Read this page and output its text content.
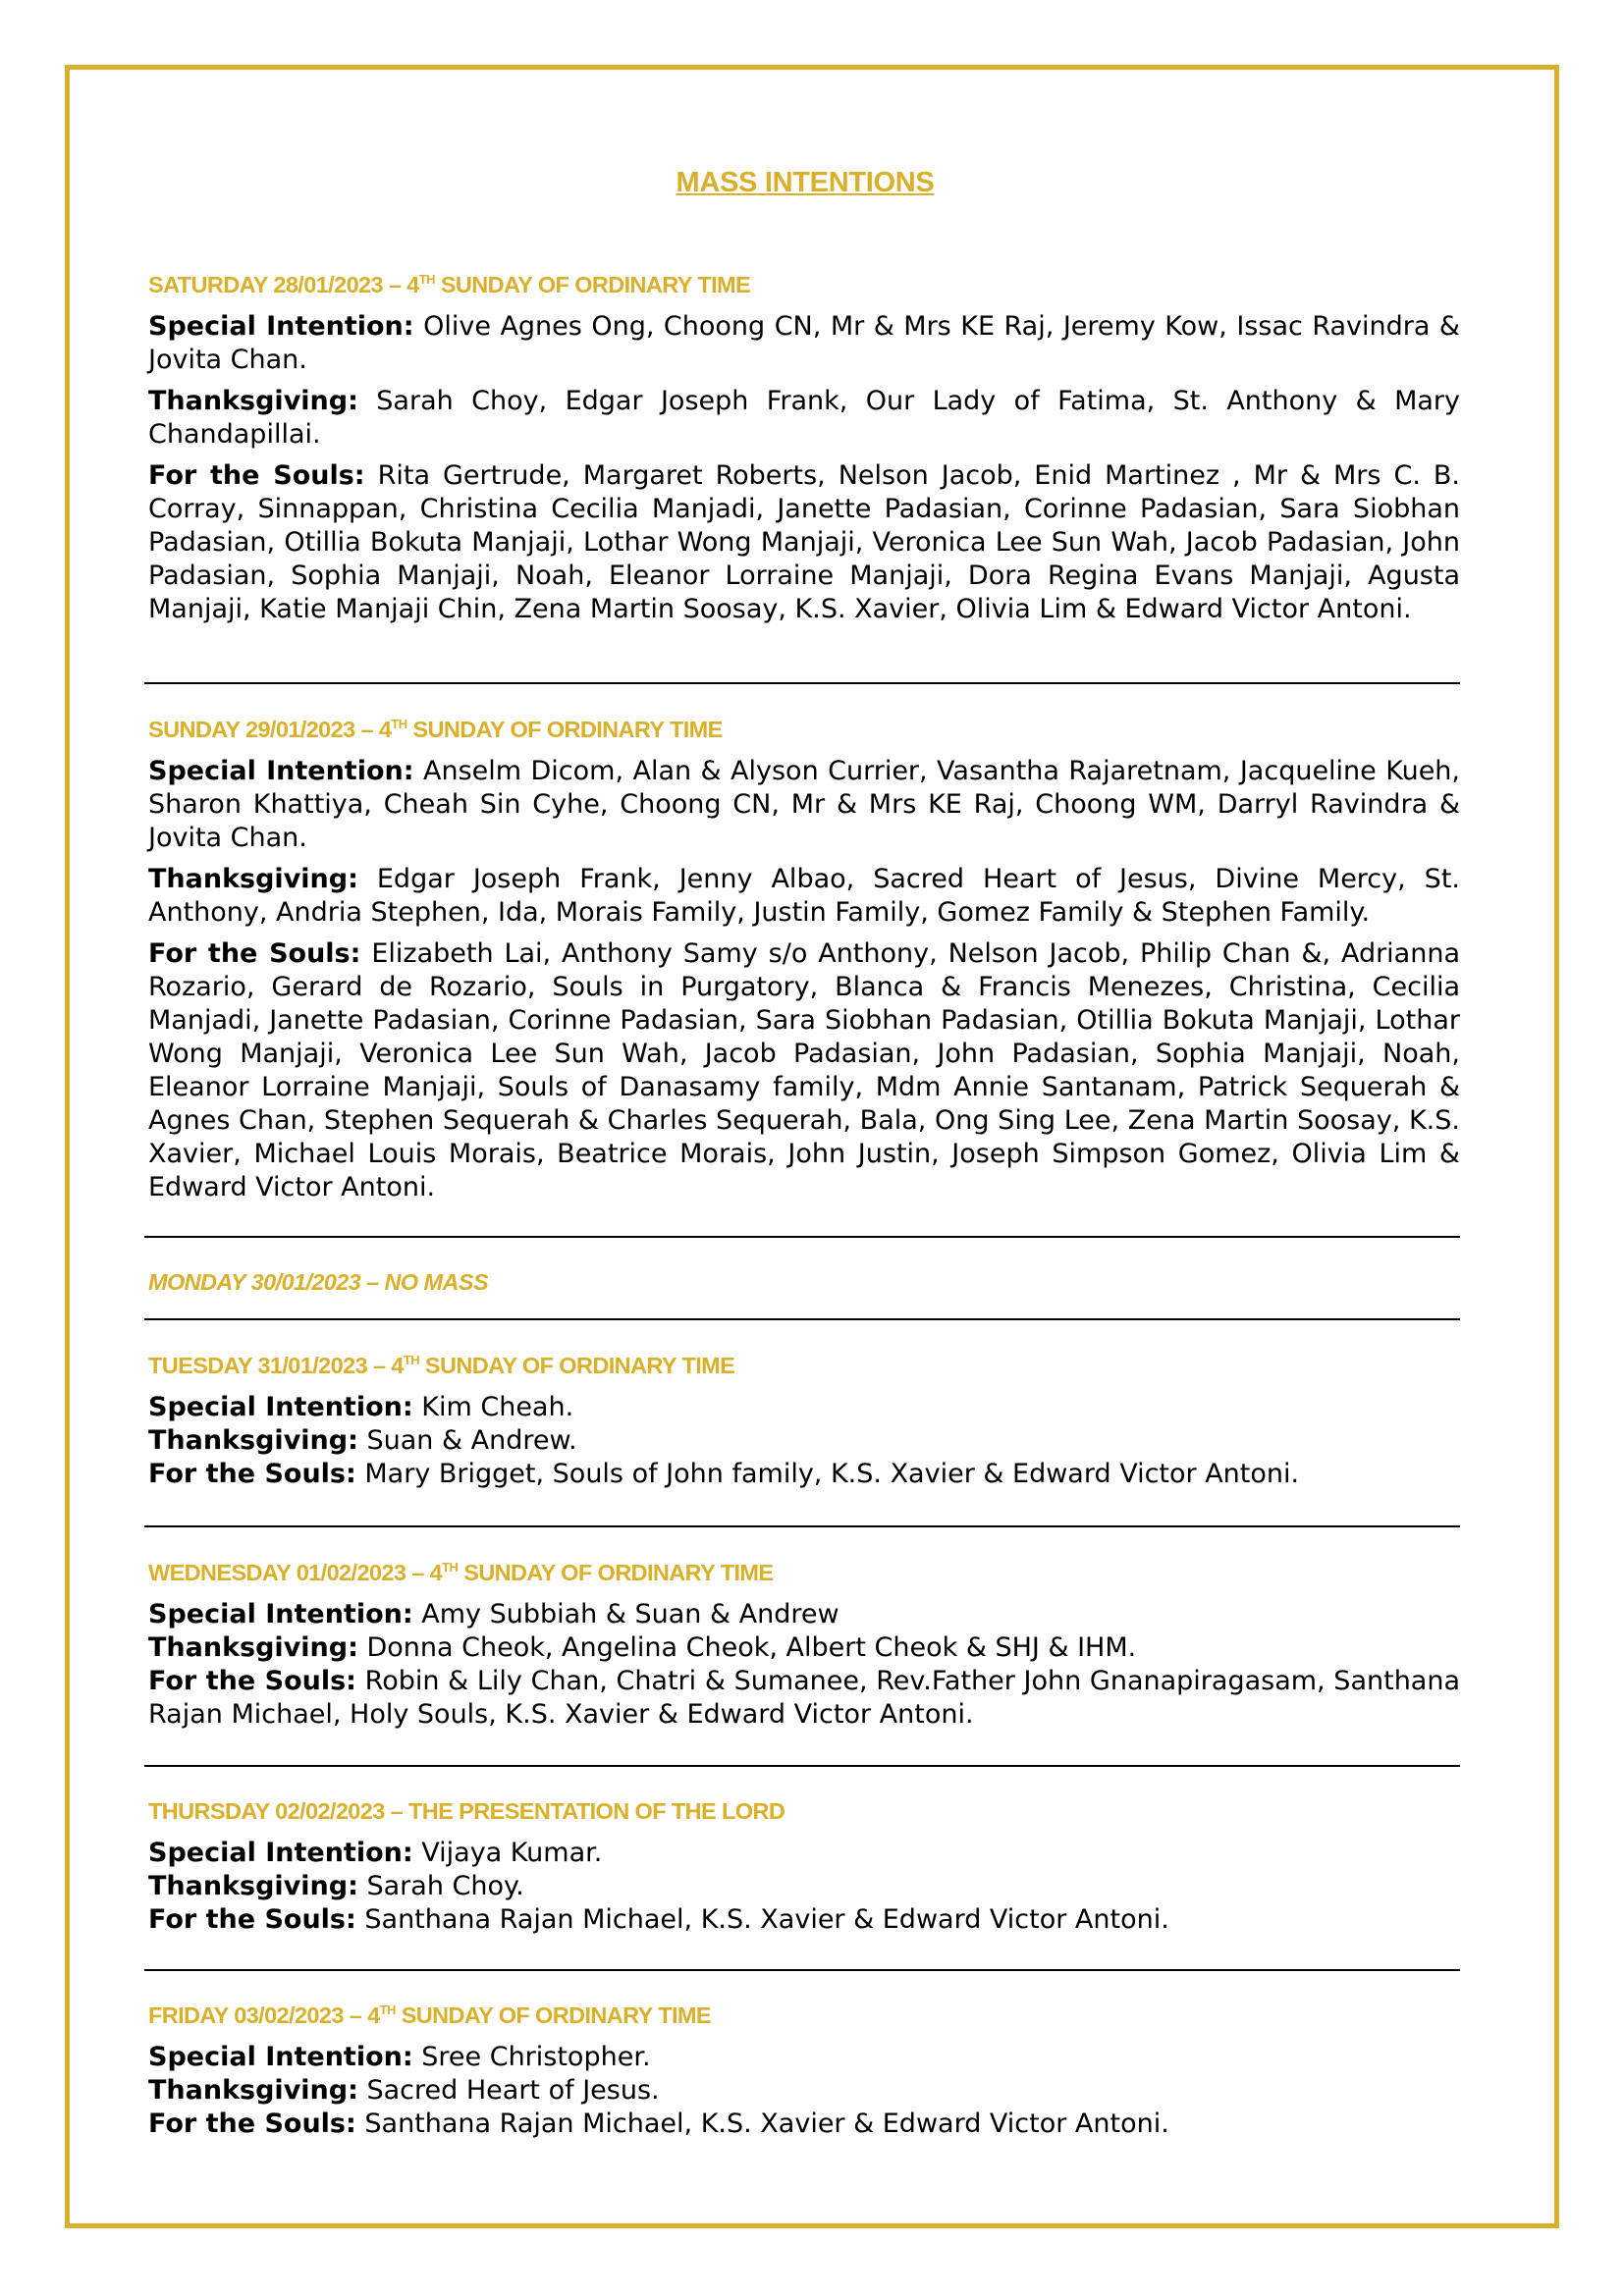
MASS INTENTIONS
SATURDAY 28/01/2023 – 4TH SUNDAY OF ORDINARY TIME

Special Intention: Olive Agnes Ong, Choong CN, Mr & Mrs KE Raj, Jeremy Kow, Issac Ravindra & Jovita Chan.

Thanksgiving: Sarah Choy, Edgar Joseph Frank, Our Lady of Fatima, St. Anthony & Mary Chandapillai.

For the Souls: Rita Gertrude, Margaret Roberts, Nelson Jacob, Enid Martinez , Mr & Mrs C. B. Corray, Sinnappan, Christina Cecilia Manjadi, Janette Padasian, Corinne Padasian, Sara Siobhan Padasian, Otillia Bokuta Manjaji, Lothar Wong Manjaji, Veronica Lee Sun Wah, Jacob Padasian, John Padasian, Sophia Manjaji, Noah, Eleanor Lorraine Manjaji, Dora Regina Evans Manjaji, Agusta Manjaji, Katie Manjaji Chin, Zena Martin Soosay, K.S. Xavier, Olivia Lim & Edward Victor Antoni.

SUNDAY 29/01/2023 – 4TH SUNDAY OF ORDINARY TIME

Special Intention: Anselm Dicom, Alan & Alyson Currier, Vasantha Rajaretnam, Jacqueline Kueh, Sharon Khattiya, Cheah Sin Cyhe, Choong CN, Mr & Mrs KE Raj, Choong WM, Darryl Ravindra & Jovita Chan.

Thanksgiving: Edgar Joseph Frank, Jenny Albao, Sacred Heart of Jesus, Divine Mercy, St. Anthony, Andria Stephen, Ida, Morais Family, Justin Family, Gomez Family & Stephen Family.

For the Souls: Elizabeth Lai, Anthony Samy s/o Anthony, Nelson Jacob, Philip Chan &, Adrianna Rozario, Gerard de Rozario, Souls in Purgatory, Blanca & Francis Menezes, Christina, Cecilia Manjadi, Janette Padasian, Corinne Padasian, Sara Siobhan Padasian, Otillia Bokuta Manjaji, Lothar Wong Manjaji, Veronica Lee Sun Wah, Jacob Padasian, John Padasian, Sophia Manjaji, Noah, Eleanor Lorraine Manjaji, Souls of Danasamy family, Mdm Annie Santanam, Patrick Sequerah & Agnes Chan, Stephen Sequerah & Charles Sequerah, Bala, Ong Sing Lee, Zena Martin Soosay, K.S. Xavier, Michael Louis Morais, Beatrice Morais, John Justin, Joseph Simpson Gomez, Olivia Lim & Edward Victor Antoni.

MONDAY 30/01/2023 – NO MASS
TUESDAY 31/01/2023 – 4TH SUNDAY OF ORDINARY TIME

Special Intention: Kim Cheah.

Thanksgiving: Suan & Andrew.

For the Souls: Mary Brigget, Souls of John family, K.S. Xavier & Edward Victor Antoni.

WEDNESDAY 01/02/2023 – 4TH SUNDAY OF ORDINARY TIME

Special Intention: Amy Subbiah & Suan & Andrew

Thanksgiving: Donna Cheok, Angelina Cheok, Albert Cheok & SHJ & IHM.

For the Souls: Robin & Lily Chan, Chatri & Sumanee, Rev.Father John Gnanapiragasam, Santhana Rajan Michael, Holy Souls, K.S. Xavier & Edward Victor Antoni.

THURSDAY 02/02/2023 – THE PRESENTATION OF THE LORD

Special Intention: Vijaya Kumar.

Thanksgiving: Sarah Choy.

For the Souls: Santhana Rajan Michael, K.S. Xavier & Edward Victor Antoni.

FRIDAY 03/02/2023 – 4TH SUNDAY OF ORDINARY TIME

Special Intention: Sree Christopher.

Thanksgiving: Sacred Heart of Jesus.

For the Souls: Santhana Rajan Michael, K.S. Xavier & Edward Victor Antoni.
